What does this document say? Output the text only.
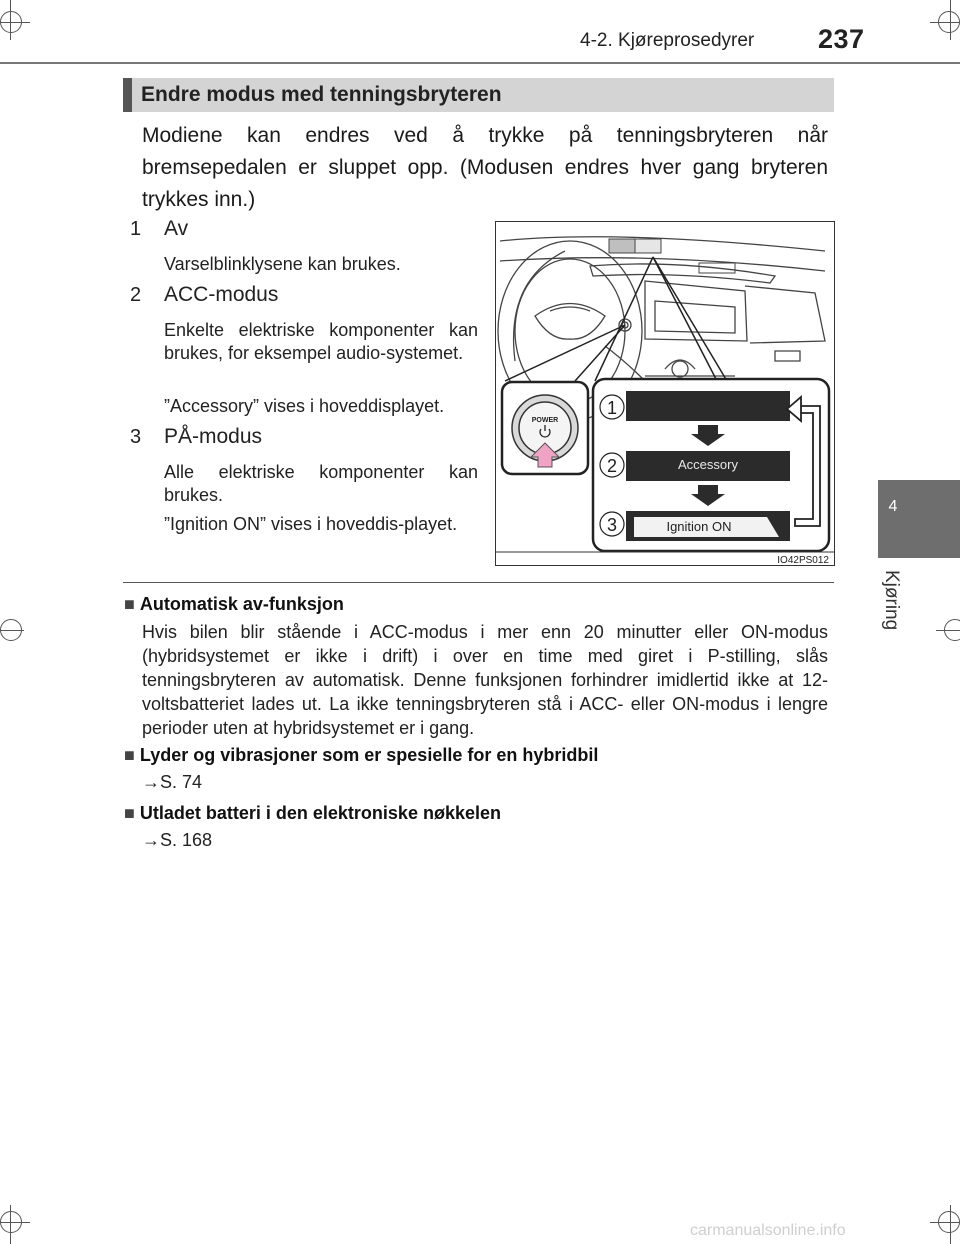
4-2. Kjøreprosedyrer 237
4
Kjøring
Endre modus med tenningsbryteren
Modiene kan endres ved å trykke på tenningsbryteren når bremsepedalen er sluppet opp. (Modusen endres hver gang bryteren trykkes inn.)
1 Av
Varselblinklysene kan brukes.
2 ACC-modus
Enkelte elektriske komponenter kan brukes, for eksempel audio-systemet.
”Accessory” vises i hoveddisplayet.
3 PÅ-modus
Alle elektriske komponenter kan brukes.
”Ignition ON” vises i hoveddis-playet.
POWER
Accessory
Ignition ON
1
2
3
IO42PS012
■ Automatisk av-funksjon
Hvis bilen blir stående i ACC-modus i mer enn 20 minutter eller ON-modus (hybridsystemet er ikke i drift) i over en time med giret i P-stilling, slås tenningsbryteren av automatisk. Denne funksjonen forhindrer imidlertid ikke at 12-voltsbatteriet lades ut. La ikke tenningsbryteren stå i ACC- eller ON-modus i lengre perioder uten at hybridsystemet er i gang.
■ Lyder og vibrasjoner som er spesielle for en hybridbil
→S. 74
■ Utladet batteri i den elektroniske nøkkelen
→S. 168
carmanualsonline.info
